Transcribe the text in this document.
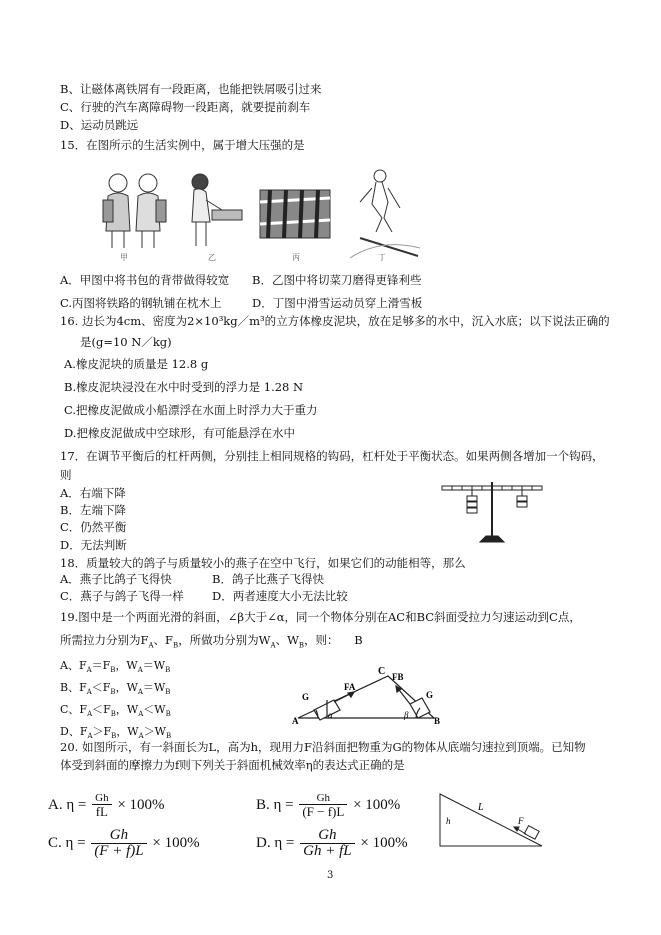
B、让磁体离铁屑有一段距离，也能把铁屑吸引过来
C、行驶的汽车离障碍物一段距离，就要提前刹车
D、运动员跳远
15．在图所示的生活实例中，属于增大压强的是
甲	乙	丙	丁
A．甲图中将书包的背带做得较宽 B．乙图中将切菜刀磨得更锋利些
C.丙图将铁路的钢轨铺在枕木上	D．丁图中滑雪运动员穿上滑雪板
16. 边长为4cm、密度为2×10³kg／m³的立方体橡皮泥块，放在足够多的水中，沉入水底；以下说法正确的
是(g=10 N／kg)
A.橡皮泥块的质量是 12.8 g
B.橡皮泥块浸没在水中时受到的浮力是 1.28 N
C.把橡皮泥做成小船漂浮在水面上时浮力大于重力
D.把橡皮泥做成中空球形，有可能悬浮在水中
17．在调节平衡后的杠杆两侧，分别挂上相同规格的钩码，杠杆处于平衡状态。如果两侧各增加一个钩码，
则
A．右端下降
B．左端下降
C．仍然平衡
D．无法判断
18．质量较大的鸽子与质量较小的燕子在空中飞行，如果它们的动能相等，那么
A．燕子比鸽子飞得快	B．鸽子比燕子飞得快
C．燕子与鸽子飞得一样 D．两者速度大小无法比较
19.图中是一个两面光滑的斜面，∠β大于∠α，同一个物体分别在AC和BC斜面受拉力匀速运动到C点，
所需拉力分别为$F_A$、$F_B$，所做功分别为$W_A$、$W_B$，则： B
A、$F_A=F_B$，$W_A=W_B$
B、$F_A<F_B$，$W_A=W_B$
C、$F_A<F_B$，$W_A<W_B$
D、$F_A>F_B$，$W_A>W_B$
C FB
FA
G	G
A	B
α	β
20. 如图所示，有一斜面长为L，高为h，现用力F沿斜面把物重为G的物体从底端匀速拉到顶端。已知物
体受到斜面的摩擦力为f则下列关于斜面机械效率η的表达式正确的是
A. $\eta = \frac{Gh}{fL} \times 100\%$	B. $\eta = \frac{Gh}{(F - f)L} \times 100\%$
C. $\eta = \frac{Gh}{(F + f)L} \times 100\%$	D. $\eta = \frac{Gh}{Gh + fL} \times 100\%$
h
L
F
3
